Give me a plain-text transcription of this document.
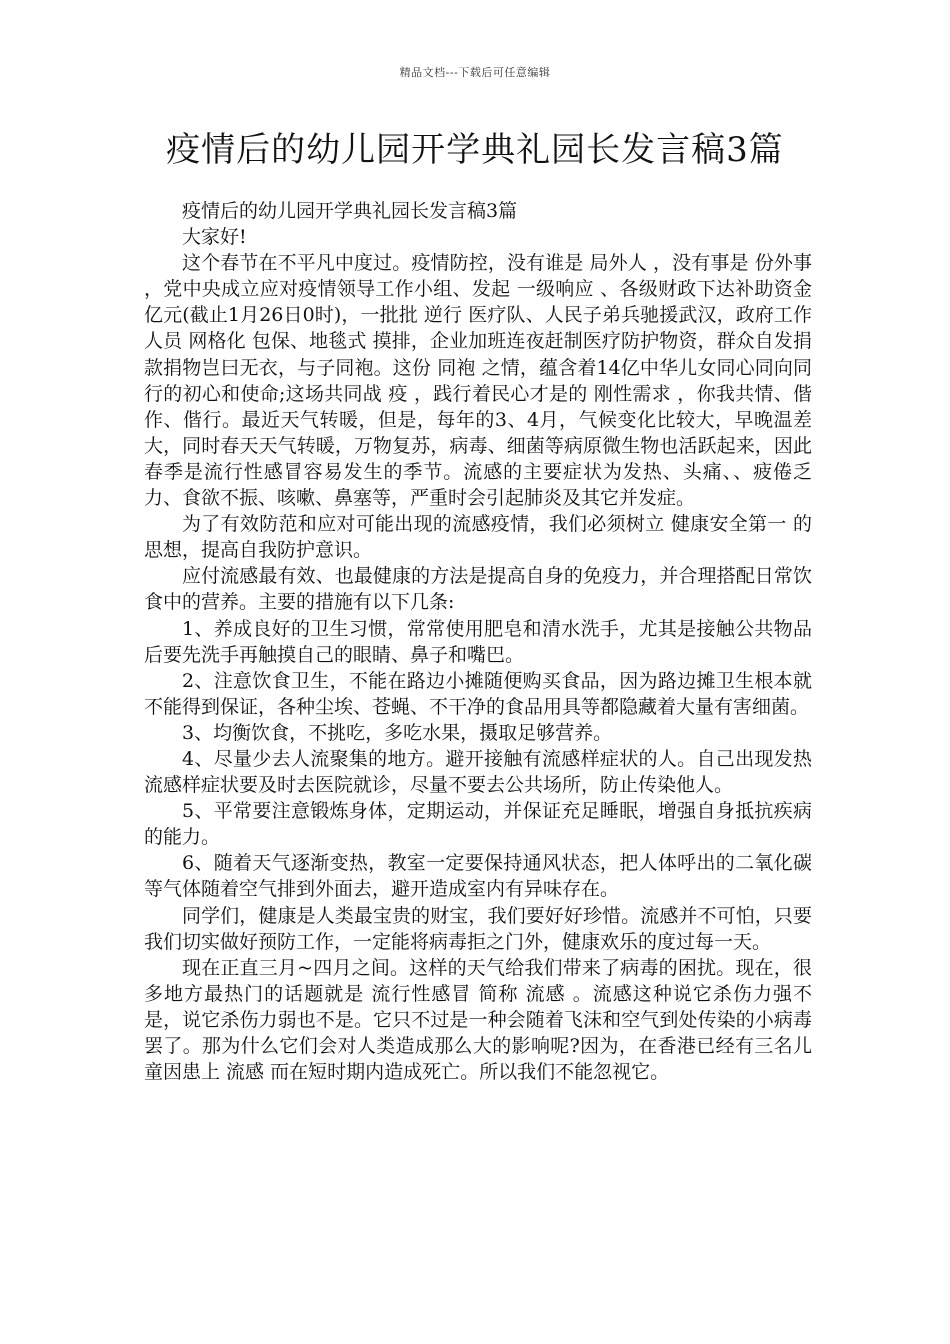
精品文档---下载后可任意编辑
疫情后的幼儿园开学典礼园长发言稿3篇

疫情后的幼儿园开学典礼园长发言稿3篇

大家好!

这个春节在不平凡中度过。疫情防控，没有谁是 局外人 ，没有事是 份外事 ，党中央成立应对疫情领导工作小组、发起 一级响应 、各级财政下达补助资金亿元(截止1月26日0时)，一批批 逆行 医疗队、人民子弟兵驰援武汉，政府工作人员 网格化 包保、地毯式 摸排，企业加班连夜赶制医疗防护物资，群众自发捐款捐物岂曰无衣，与子同袍。这份 同袍 之情，蕴含着14亿中华儿女同心同向同行的初心和使命;这场共同战 疫 ，践行着民心才是的 刚性需求 ，你我共情、偕作、偕行。最近天气转暖，但是，每年的3、4月，气候变化比较大，早晚温差大，同时春天天气转暖，万物复苏，病毒、细菌等病原微生物也活跃起来，因此春季是流行性感冒容易发生的季节。流感的主要症状为发热、头痛、、疲倦乏力、食欲不振、咳嗽、鼻塞等，严重时会引起肺炎及其它并发症。

为了有效防范和应对可能出现的流感疫情，我们必须树立 健康安全第一 的思想，提高自我防护意识。

应付流感最有效、也最健康的方法是提高自身的免疫力，并合理搭配日常饮食中的营养。主要的措施有以下几条:

1、养成良好的卫生习惯，常常使用肥皂和清水洗手，尤其是接触公共物品后要先洗手再触摸自己的眼睛、鼻子和嘴巴。

2、注意饮食卫生，不能在路边小摊随便购买食品，因为路边摊卫生根本就不能得到保证，各种尘埃、苍蝇、不干净的食品用具等都隐藏着大量有害细菌。

3、均衡饮食，不挑吃，多吃水果，摄取足够营养。

4、尽量少去人流聚集的地方。避开接触有流感样症状的人。自己出现发热流感样症状要及时去医院就诊，尽量不要去公共场所，防止传染他人。

5、平常要注意锻炼身体，定期运动，并保证充足睡眠，增强自身抵抗疾病的能力。

6、随着天气逐渐变热，教室一定要保持通风状态，把人体呼出的二氧化碳等气体随着空气排到外面去，避开造成室内有异味存在。

同学们，健康是人类最宝贵的财宝，我们要好好珍惜。流感并不可怕，只要我们切实做好预防工作，一定能将病毒拒之门外，健康欢乐的度过每一天。

现在正直三月~四月之间。这样的天气给我们带来了病毒的困扰。现在，很多地方最热门的话题就是 流行性感冒 简称 流感 。流感这种说它杀伤力强不是，说它杀伤力弱也不是。它只不过是一种会随着飞沫和空气到处传染的小病毒罢了。那为什么它们会对人类造成那么大的影响呢?因为，在香港已经有三名儿童因患上 流感 而在短时期内造成死亡。所以我们不能忽视它。
